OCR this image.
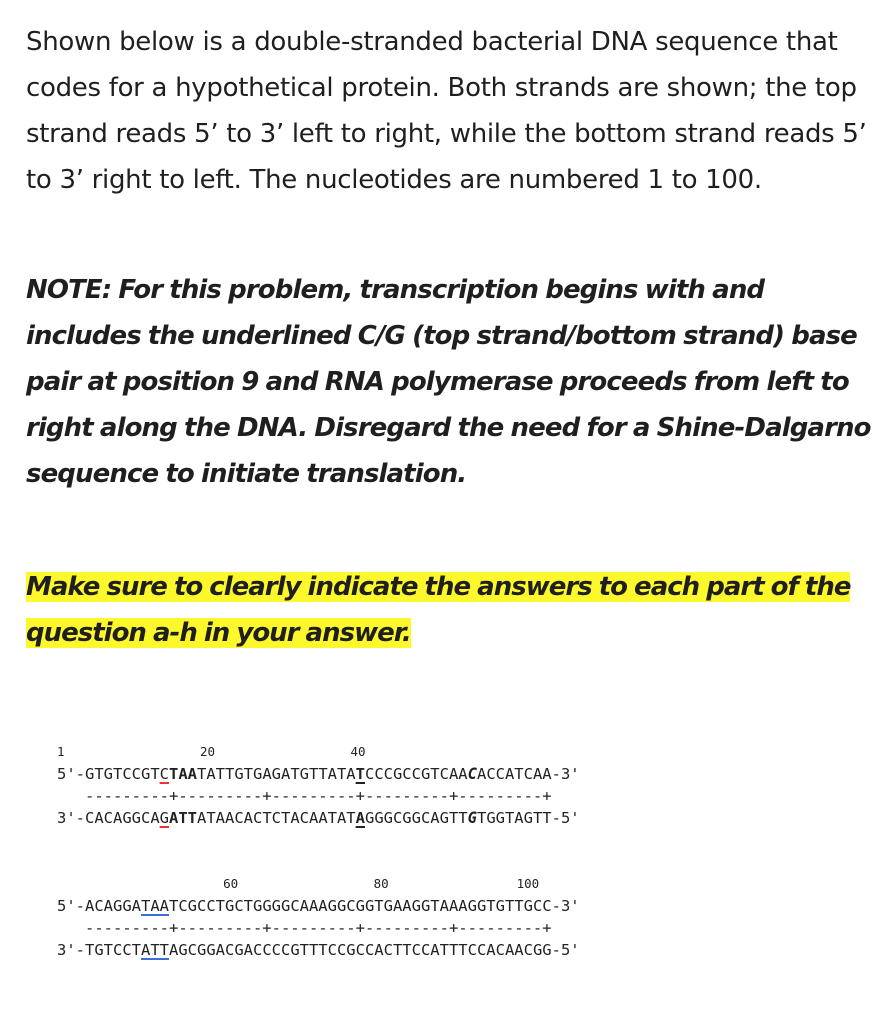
Shown below is a double-stranded bacterial DNA sequence that codes for a hypothetical protein. Both strands are shown; the top strand reads 5’ to 3’ left to right, while the bottom strand reads 5’ to 3’ right to left. The nucleotides are numbered 1 to 100.

NOTE: For this problem, transcription begins with and includes the underlined C/G (top strand/bottom strand) base pair at position 9 and RNA polymerase proceeds from left to right along the DNA. Disregard the need for a Shine-Dalgarno sequence to initiate translation.

Make sure to clearly indicate the answers to each part of the question a-h in your answer.

1                  20                  40
5'-GTGTCCGTCTAATATTGTGAGATGTTATATCCCGCCGTCAACACCATCAA-3'
---------+---------+---------+---------+---------+
3'-CACAGGCAGATTATAACACTCTACAATATAGGGCGGCAGTTGTGGTAGTT-5'
60                  80                 100
5'-ACAGGATAATCGCCTGCTGGGGCAAAGGCGGTGAAGGTAAAGGTGTTGCC-3'
---------+---------+---------+---------+---------+
3'-TGTCCTATTAGCGGACGACCCCGTTTCCGCCACTTCCATTTCCACAACGG-5'
